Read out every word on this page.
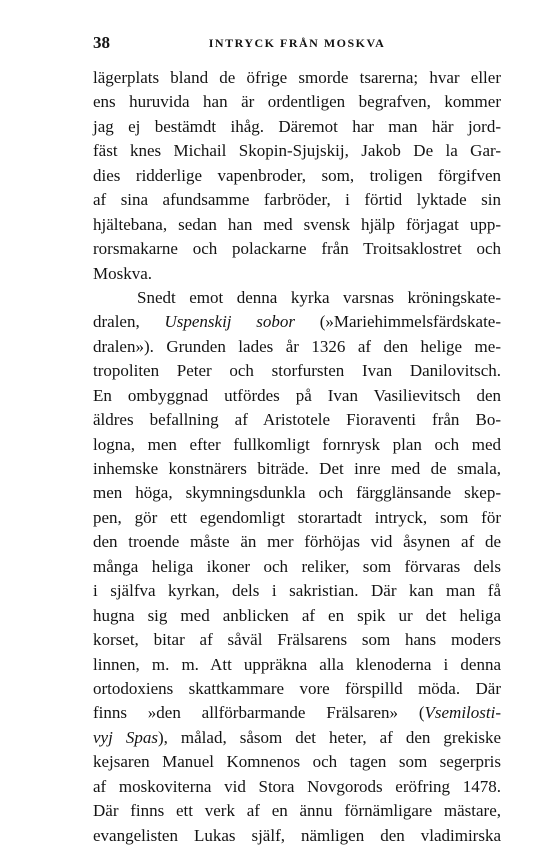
38	INTRYCK FRÅN MOSKVA
lägerplats bland de öfrige smorde tsarerna; hvar eller
ens huruvida han är ordentligen begrafven, kommer
jag ej bestämdt ihåg. Däremot har man här jord-
fäst knes Michail Skopin-Sjujskij, Jakob De la Gar-
dies ridderlige vapenbroder, som, troligen förgifven
af sina afundsamme farbröder, i förtid lyktade sin
hjältebana, sedan han med svensk hjälp förjagat upp-
rorsmakarne och polackarne från Troitsaklostret och
Moskva.
Snedt emot denna kyrka varsnas kröningskate-
dralen, Uspenskij sobor (»Mariehimmelsfärdskate-
dralen»). Grunden lades år 1326 af den helige me-
tropoliten Peter och storfursten Ivan Danilovitsch.
En ombyggnad utfördes på Ivan Vasilievitsch den
äldres befallning af Aristotele Fioraventi från Bo-
logna, men efter fullkomligt fornrysk plan och med
inhemske konstnärers biträde. Det inre med de smala,
men höga, skymningsdunkla och färgglänsande skep-
pen, gör ett egendomligt storartadt intryck, som för
den troende måste än mer förhöjas vid åsynen af de
många heliga ikoner och reliker, som förvaras dels
i själfva kyrkan, dels i sakristian. Där kan man få
hugna sig med anblicken af en spik ur det heliga
korset, bitar af såväl Frälsarens som hans moders
linnen, m. m. Att uppräkna alla klenoderna i denna
ortodoxiens skattkammare vore förspilld möda. Där
finns »den allförbarmande Frälsaren» (Vsemilosti-
vyj Spas), målad, såsom det heter, af den grekiske
kejsaren Manuel Komnenos och tagen som segerpris
af moskoviterna vid Stora Novgorods eröfring 1478.
Där finns ett verk af en ännu förnämligare mästare,
evangelisten Lukas själf, nämligen den vladimirska
